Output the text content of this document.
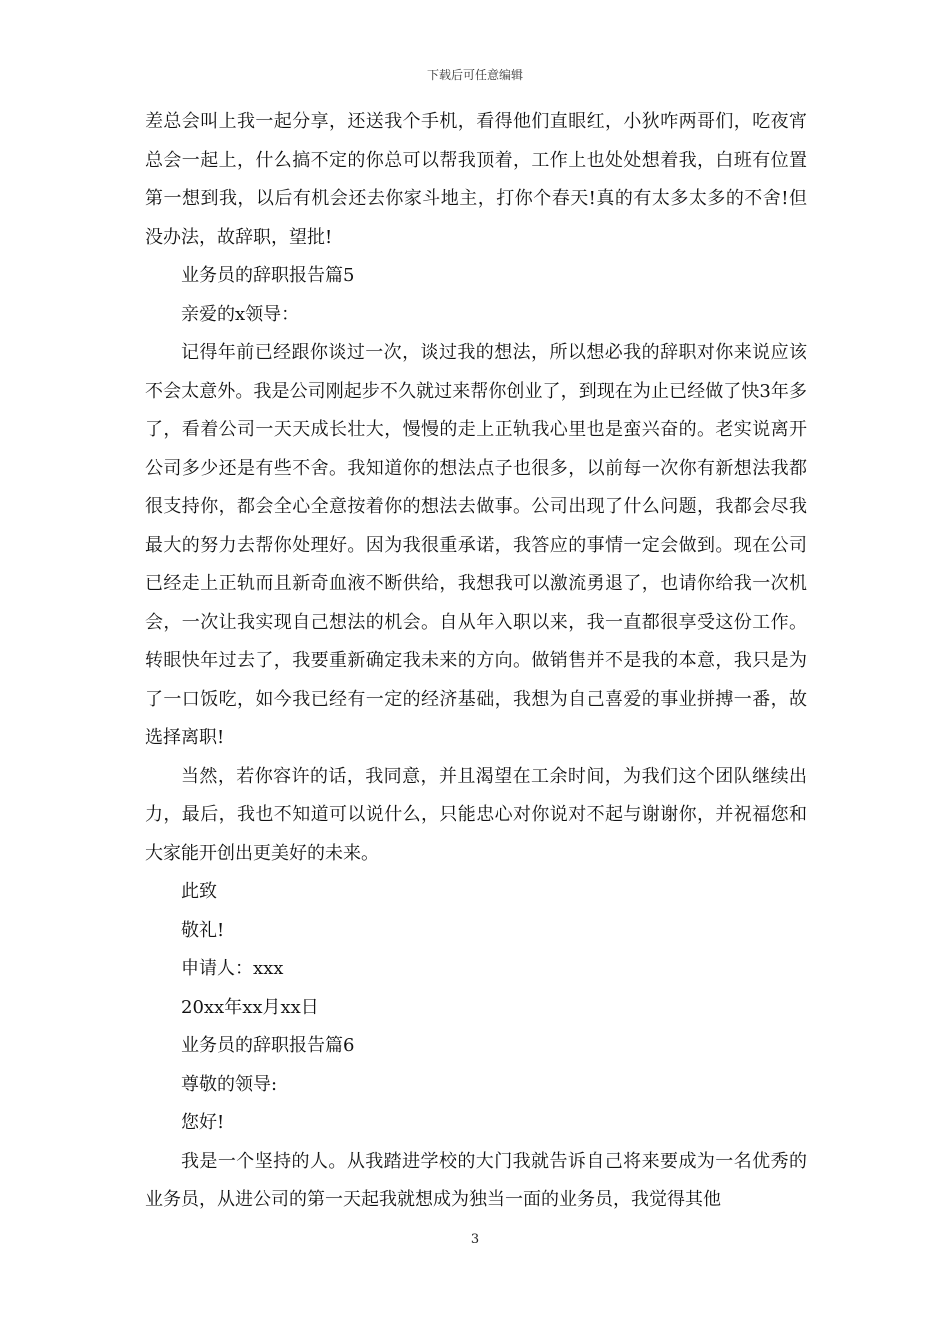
下载后可任意编辑

差总会叫上我一起分享，还送我个手机，看得他们直眼红，小狄咋两哥们，吃夜宵总会一起上，什么搞不定的你总可以帮我顶着，工作上也处处想着我，白班有位置第一想到我，以后有机会还去你家斗地主，打你个春天!真的有太多太多的不舍!但没办法，故辞职，望批!

业务员的辞职报告篇5

亲爱的x领导：

记得年前已经跟你谈过一次，谈过我的想法，所以想必我的辞职对你来说应该不会太意外。我是公司刚起步不久就过来帮你创业了，到现在为止已经做了快3年多了，看着公司一天天成长壮大，慢慢的走上正轨我心里也是蛮兴奋的。老实说离开公司多少还是有些不舍。我知道你的想法点子也很多，以前每一次你有新想法我都很支持你，都会全心全意按着你的想法去做事。公司出现了什么问题，我都会尽我最大的努力去帮你处理好。因为我很重承诺，我答应的事情一定会做到。现在公司已经走上正轨而且新奇血液不断供给，我想我可以激流勇退了，也请你给我一次机会，一次让我实现自己想法的机会。自从年入职以来，我一直都很享受这份工作。转眼快年过去了，我要重新确定我未来的方向。做销售并不是我的本意，我只是为了一口饭吃，如今我已经有一定的经济基础，我想为自己喜爱的事业拼搏一番，故选择离职!

当然，若你容许的话，我同意，并且渴望在工余时间，为我们这个团队继续出力，最后，我也不知道可以说什么，只能忠心对你说对不起与谢谢你，并祝福您和大家能开创出更美好的未来。

此致

敬礼!

申请人：xxx

20xx年xx月xx日

业务员的辞职报告篇6

尊敬的领导:

您好!

我是一个坚持的人。从我踏进学校的大门我就告诉自己将来要成为一名优秀的业务员，从进公司的第一天起我就想成为独当一面的业务员，我觉得其他

3
